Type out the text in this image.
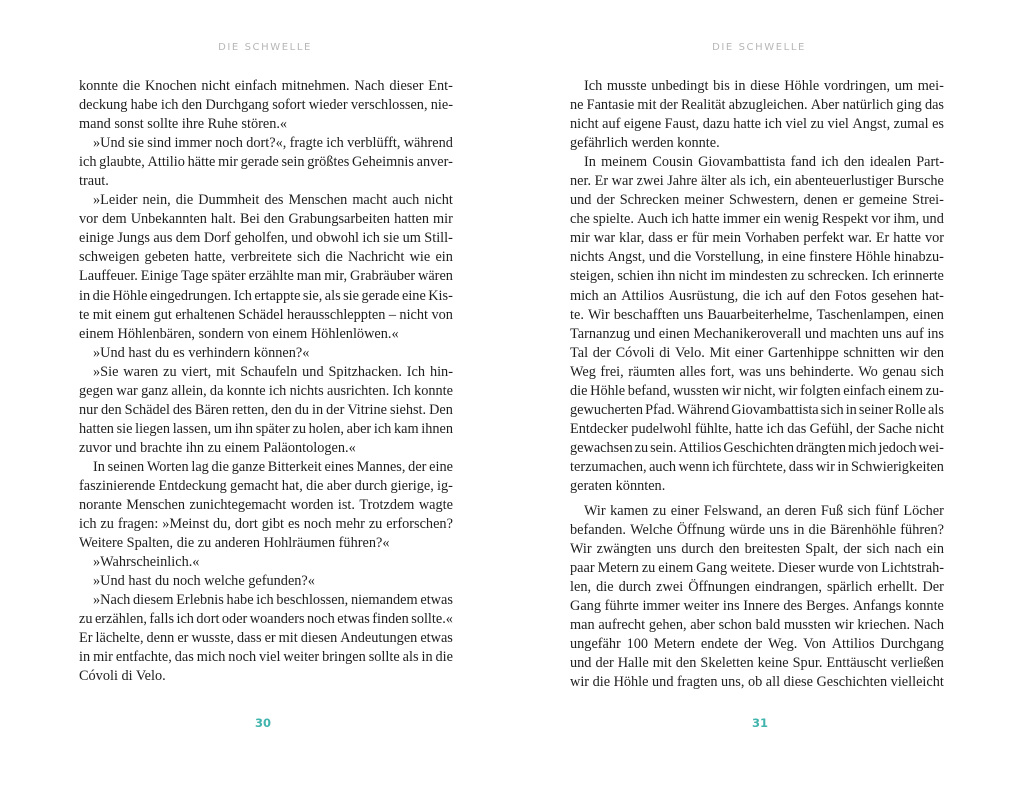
DIE SCHWELLE
konnte die Knochen nicht einfach mitnehmen. Nach dieser Ent-
deckung habe ich den Durchgang sofort wieder verschlossen, nie-
mand sonst sollte ihre Ruhe stören.«
»Und sie sind immer noch dort?«, fragte ich verblüfft, während
ich glaubte, Attilio hätte mir gerade sein größtes Geheimnis anver-
traut.
»Leider nein, die Dummheit des Menschen macht auch nicht
vor dem Unbekannten halt. Bei den Grabungsarbeiten hatten mir
einige Jungs aus dem Dorf geholfen, und obwohl ich sie um Still-
schweigen gebeten hatte, verbreitete sich die Nachricht wie ein
Lauffeuer. Einige Tage später erzählte man mir, Grabräuber wären
in die Höhle eingedrungen. Ich ertappte sie, als sie gerade eine Kis-
te mit einem gut erhaltenen Schädel herausschleppten – nicht von
einem Höhlenbären, sondern von einem Höhlenlöwen.«
»Und hast du es verhindern können?«
»Sie waren zu viert, mit Schaufeln und Spitzhacken. Ich hin-
gegen war ganz allein, da konnte ich nichts ausrichten. Ich konnte
nur den Schädel des Bären retten, den du in der Vitrine siehst. Den
hatten sie liegen lassen, um ihn später zu holen, aber ich kam ihnen
zuvor und brachte ihn zu einem Paläontologen.«
In seinen Worten lag die ganze Bitterkeit eines Mannes, der eine
faszinierende Entdeckung gemacht hat, die aber durch gierige, ig-
norante Menschen zunichtegemacht worden ist. Trotzdem wagte
ich zu fragen: »Meinst du, dort gibt es noch mehr zu erforschen?
Weitere Spalten, die zu anderen Hohlräumen führen?«
»Wahrscheinlich.«
»Und hast du noch welche gefunden?«
»Nach diesem Erlebnis habe ich beschlossen, niemandem etwas
zu erzählen, falls ich dort oder woanders noch etwas finden sollte.«
Er lächelte, denn er wusste, dass er mit diesen Andeutungen etwas
in mir entfachte, das mich noch viel weiter bringen sollte als in die
Cóvoli di Velo.
30
DIE SCHWELLE
Ich musste unbedingt bis in diese Höhle vordringen, um mei-
ne Fantasie mit der Realität abzugleichen. Aber natürlich ging das
nicht auf eigene Faust, dazu hatte ich viel zu viel Angst, zumal es
gefährlich werden konnte.
In meinem Cousin Giovambattista fand ich den idealen Part-
ner. Er war zwei Jahre älter als ich, ein abenteuerlustiger Bursche
und der Schrecken meiner Schwestern, denen er gemeine Strei-
che spielte. Auch ich hatte immer ein wenig Respekt vor ihm, und
mir war klar, dass er für mein Vorhaben perfekt war. Er hatte vor
nichts Angst, und die Vorstellung, in eine finstere Höhle hinabzu-
steigen, schien ihn nicht im mindesten zu schrecken. Ich erinnerte
mich an Attilios Ausrüstung, die ich auf den Fotos gesehen hat-
te. Wir beschafften uns Bauarbeiterhelme, Taschenlampen, einen
Tarnanzug und einen Mechanikeroverall und machten uns auf ins
Tal der Cóvoli di Velo. Mit einer Gartenhippe schnitten wir den
Weg frei, räumten alles fort, was uns behinderte. Wo genau sich
die Höhle befand, wussten wir nicht, wir folgten einfach einem zu-
gewucherten Pfad. Während Giovambattista sich in seiner Rolle als
Entdecker pudelwohl fühlte, hatte ich das Gefühl, der Sache nicht
gewachsen zu sein. Attilios Geschichten drängten mich jedoch wei-
terzumachen, auch wenn ich fürchtete, dass wir in Schwierigkeiten
geraten könnten.
Wir kamen zu einer Felswand, an deren Fuß sich fünf Löcher
befanden. Welche Öffnung würde uns in die Bärenhöhle führen?
Wir zwängten uns durch den breitesten Spalt, der sich nach ein
paar Metern zu einem Gang weitete. Dieser wurde von Lichtstrah-
len, die durch zwei Öffnungen eindrangen, spärlich erhellt. Der
Gang führte immer weiter ins Innere des Berges. Anfangs konnte
man aufrecht gehen, aber schon bald mussten wir kriechen. Nach
ungefähr 100 Metern endete der Weg. Von Attilios Durchgang
und der Halle mit den Skeletten keine Spur. Enttäuscht verließen
wir die Höhle und fragten uns, ob all diese Geschichten vielleicht
31
